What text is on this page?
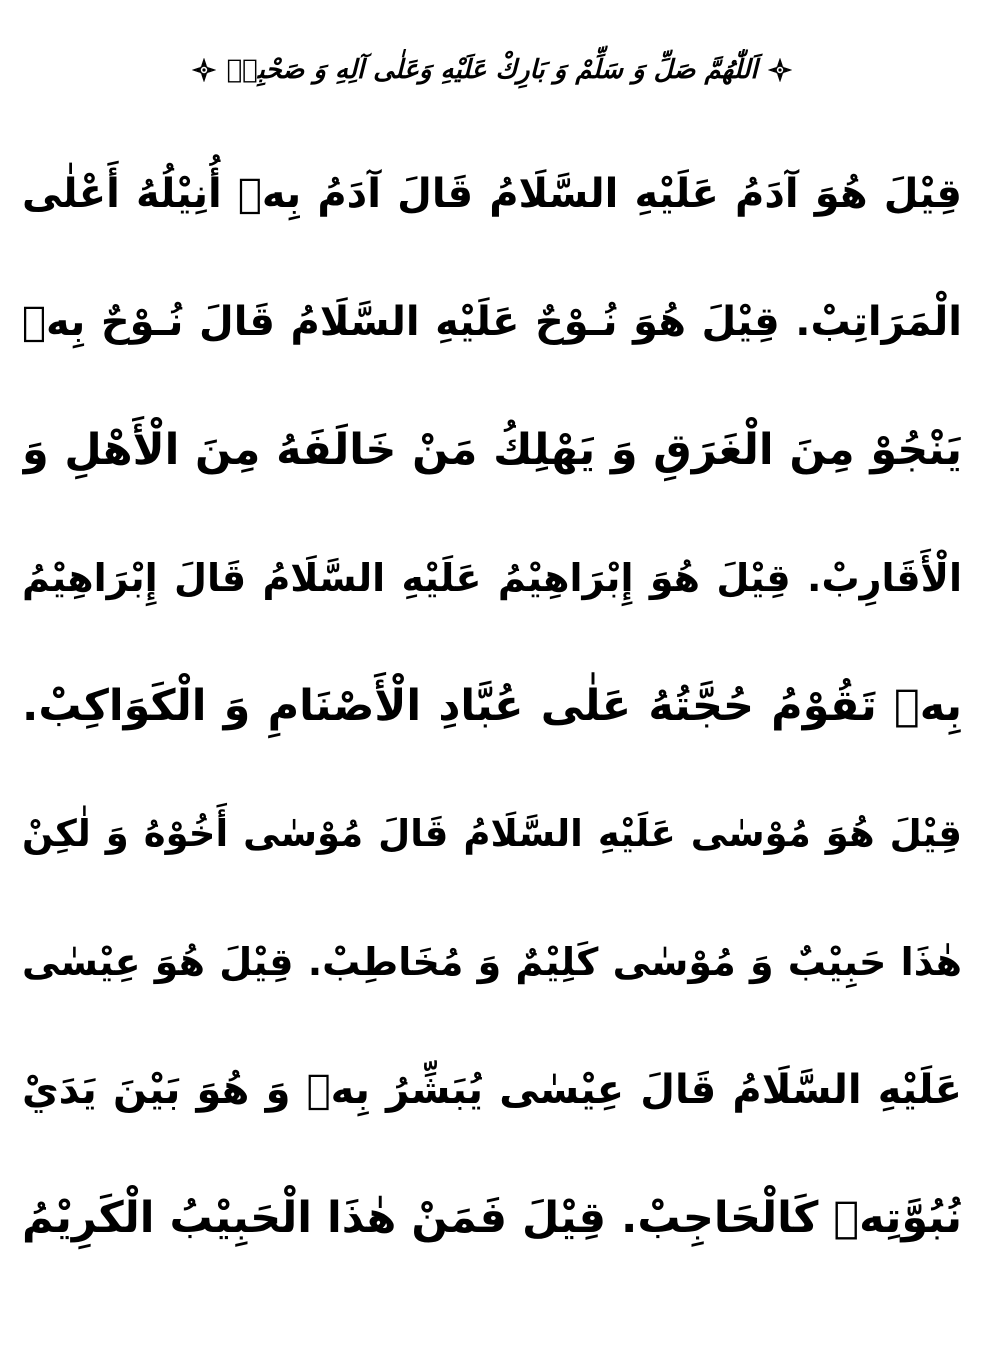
اَللّٰهُمَّ صَلِّ وَ سَلِّمْ وَ بَارِكْ عَلَيْهِ وَعَلٰى آلِهِ وَ صَحْبِهٖ
قِيْلَ هُوَ آدَمُ عَلَيْهِ السَّلَامُ قَالَ آدَمُ بِهٖ أُنِيْلُهُ أَعْلٰى
الْمَرَاتِبْ. قِيْلَ هُوَ نُـوْحٌ عَلَيْهِ السَّلَامُ قَالَ نُـوْحٌ بِهٖ
يَنْجُوْ مِنَ الْغَرَقِ وَ يَهْلِكُ مَنْ خَالَفَهُ مِنَ الْأَهْلِ وَ
الْأَقَارِبْ. قِيْلَ هُوَ إِبْرَاهِيْمُ عَلَيْهِ السَّلَامُ قَالَ إِبْرَاهِيْمُ
بِهٖ تَقُوْمُ حُجَّتُهُ عَلٰى عُبَّادِ الْأَصْنَامِ وَ الْكَوَاكِبْ.
قِيْلَ هُوَ مُوْسٰى عَلَيْهِ السَّلَامُ قَالَ مُوْسٰى أَخُوْهُ وَ لٰكِنْ
هٰذَا حَبِيْبٌ وَ مُوْسٰى كَلِيْمٌ وَ مُخَاطِبْ. قِيْلَ هُوَ عِيْسٰى
عَلَيْهِ السَّلَامُ قَالَ عِيْسٰى يُبَشِّرُ بِهٖ وَ هُوَ بَيْنَ يَدَيْ
نُبُوَّتِهٖ كَالْحَاجِبْ. قِيْلَ فَمَنْ هٰذَا الْحَبِيْبُ الْكَرِيْمُ
